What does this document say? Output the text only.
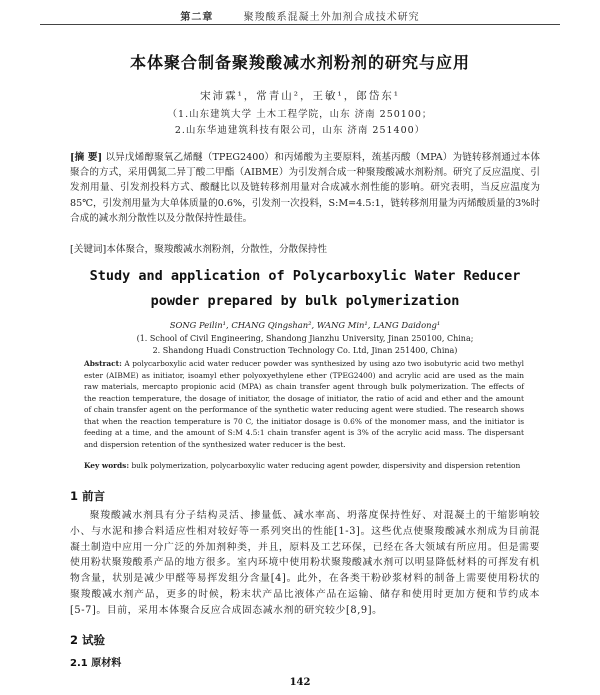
第二章	聚羧酸系混凝土外加剂合成技术研究
本体聚合制备聚羧酸减水剂粉剂的研究与应用
宋沛霖¹，常青山²，王敏¹，郎岱东¹
（1.山东建筑大学 土木工程学院，山东 济南 250100；
2.山东华迪建筑科技有限公司，山东 济南 251400）
[摘 要] 以异戊烯醇聚氧乙烯醚（TPEG2400）和丙烯酸为主要原料，巯基丙酸（MPA）为链转移剂通过本体聚合的方式，采用偶氮二异丁酸二甲酯（AIBME）为引发剂合成一种聚羧酸减水剂粉剂。研究了反应温度、引发剂用量、引发剂投料方式、酸醚比以及链转移剂用量对合成减水剂性能的影响。研究表明，当反应温度为85℃，引发剂用量为大单体质量的0.6%，引发剂一次投料，S:M=4.5:1，链转移剂用量为丙烯酸质量的3%时合成的减水剂分散性以及分散保持性最佳。
[关键词]本体聚合，聚羧酸减水剂粉剂，分散性，分散保持性
Study and application of Polycarboxylic Water Reducer
powder prepared by bulk polymerization
SONG Peilin¹, CHANG Qingshan², WANG Min¹, LANG Daidong¹
(1. School of Civil Engineering, Shandong Jianzhu University, Jinan 250100, China;
2. Shandong Huadi Construction Technology Co. Ltd, Jinan 251400, China)
Abstract: A polycarboxylic acid water reducer powder was synthesized by using azo two isobutyric acid two methyl ester (AIBME) as initiator, isoamyl ether polyoxyethylene ether (TPEG2400) and acrylic acid are used as the main raw materials, mercapto propionic acid (MPA) as chain transfer agent through bulk polymerization. The effects of the reaction temperature, the dosage of initiator, the dosage of initiator, the ratio of acid and ether and the amount of chain transfer agent on the performance of the synthetic water reducing agent were studied. The research shows that when the reaction temperature is 70 C, the initiator dosage is 0.6% of the monomer mass, and the initiator is feeding at a time, and the amount of S:M 4.5:1 chain transfer agent is 3% of the acrylic acid mass. The dispersant and dispersion retention of the synthesized water reducer is the best.
Key words: bulk polymerization, polycarboxylic water reducing agent powder, dispersivity and dispersion retention
1 前言
聚羧酸减水剂具有分子结构灵活、掺量低、减水率高、坍落度保持性好、对混凝土的干缩影响较小、与水泥和掺合料适应性相对较好等一系列突出的性能[1-3]。这些优点使聚羧酸减水剂成为目前混凝土制造中应用一分广泛的外加剂种类，并且，原料及工艺环保，已经在各大领域有所应用。但是需要使用粉状聚羧酸系产品的地方很多。室内环境中使用粉状聚羧酸减水剂可以明显降低材料的可挥发有机物含量，状别是减少甲醛等易挥发组分含量[4]。此外，在各类干粉砂浆材料的制备上需要使用粉状的聚羧酸减水剂产品，更多的时候，粉末状产品比液体产品在运输、储存和使用时更加方便和节约成本[5-7]。目前，采用本体聚合反应合成固态减水剂的研究较少[8,9]。
2 试验
2.1 原材料
142
